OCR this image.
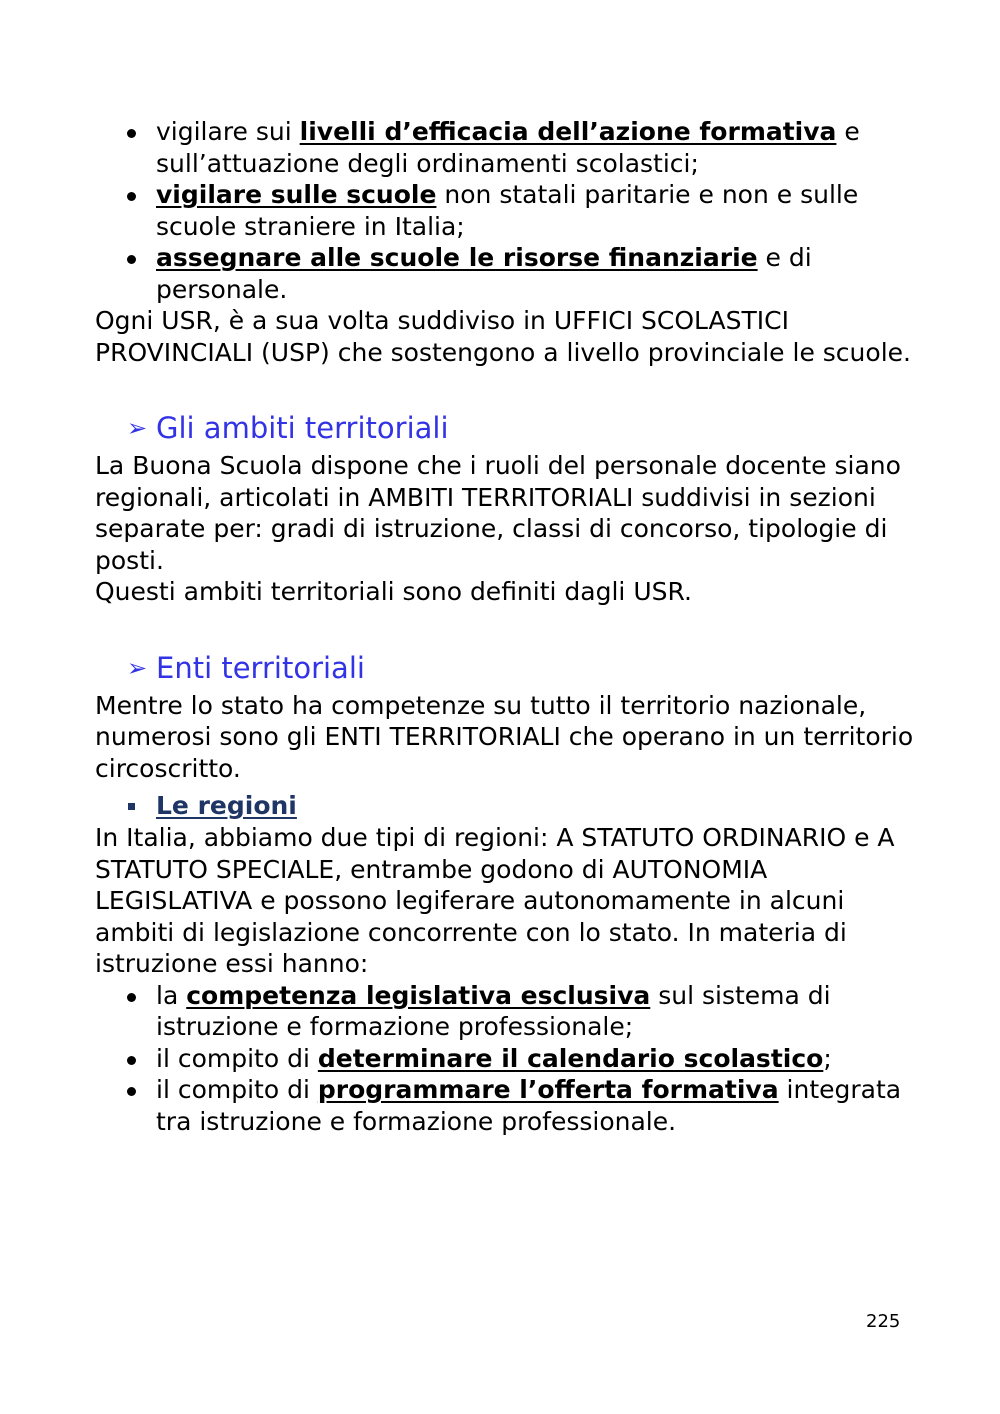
vigilare sui livelli d’efficacia dell’azione formativa e sull’attuazione degli ordinamenti scolastici;
vigilare sulle scuole non statali paritarie e non e sulle scuole straniere in Italia;
assegnare alle scuole le risorse finanziarie e di personale.

Ogni USR, è a sua volta suddiviso in UFFICI SCOLASTICI PROVINCIALI (USP) che sostengono a livello provinciale le scuole.

➢ Gli ambiti territoriali

La Buona Scuola dispone che i ruoli del personale docente siano regionali, articolati in AMBITI TERRITORIALI suddivisi in sezioni separate per: gradi di istruzione, classi di concorso, tipologie di posti.

Questi ambiti territoriali sono definiti dagli USR.

➢ Enti territoriali

Mentre lo stato ha competenze su tutto il territorio nazionale, numerosi sono gli ENTI TERRITORIALI che operano in un territorio circoscritto.

Le regioni

In Italia, abbiamo due tipi di regioni: A STATUTO ORDINARIO e A STATUTO SPECIALE, entrambe godono di AUTONOMIA LEGISLATIVA e possono legiferare autonomamente in alcuni ambiti di legislazione concorrente con lo stato. In materia di istruzione essi hanno:

la competenza legislativa esclusiva sul sistema di istruzione e formazione professionale;
il compito di determinare il calendario scolastico;
il compito di programmare l’offerta formativa integrata tra istruzione e formazione professionale.
225
